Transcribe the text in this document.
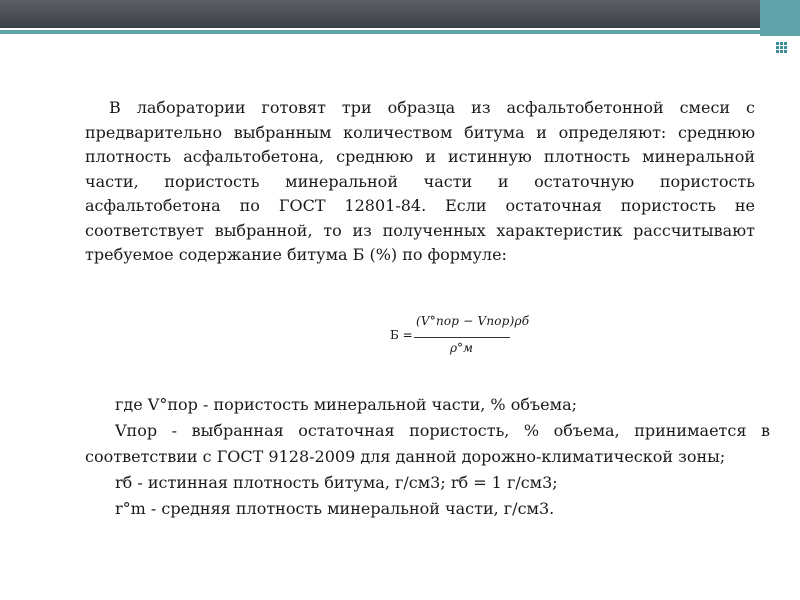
В лаборатории готовят три образца из асфальтобетонной смеси с предварительно выбранным количеством битума и определяют: среднюю плотность асфальтобетона, среднюю и истинную плотность минеральной части, пористость минеральной части и остаточную пористость асфальтобетона по ГОСТ 12801-84. Если остаточная пористость не соответствует выбранной, то из полученных характеристик рассчитывают требуемое содержание битума Б (%) по формуле:

Б =
(V°пор − Vпор)ρб
ρ°м

где V°пор - пористость минеральной части, % объема;

Vпор - выбранная остаточная пористость, % объема, принимается в соответствии с ГОСТ 9128-2009 для данной дорожно-климатической зоны;

rб - истинная плотность битума, г/см3; rб = 1 г/см3;

r°m - средняя плотность минеральной части, г/см3.
